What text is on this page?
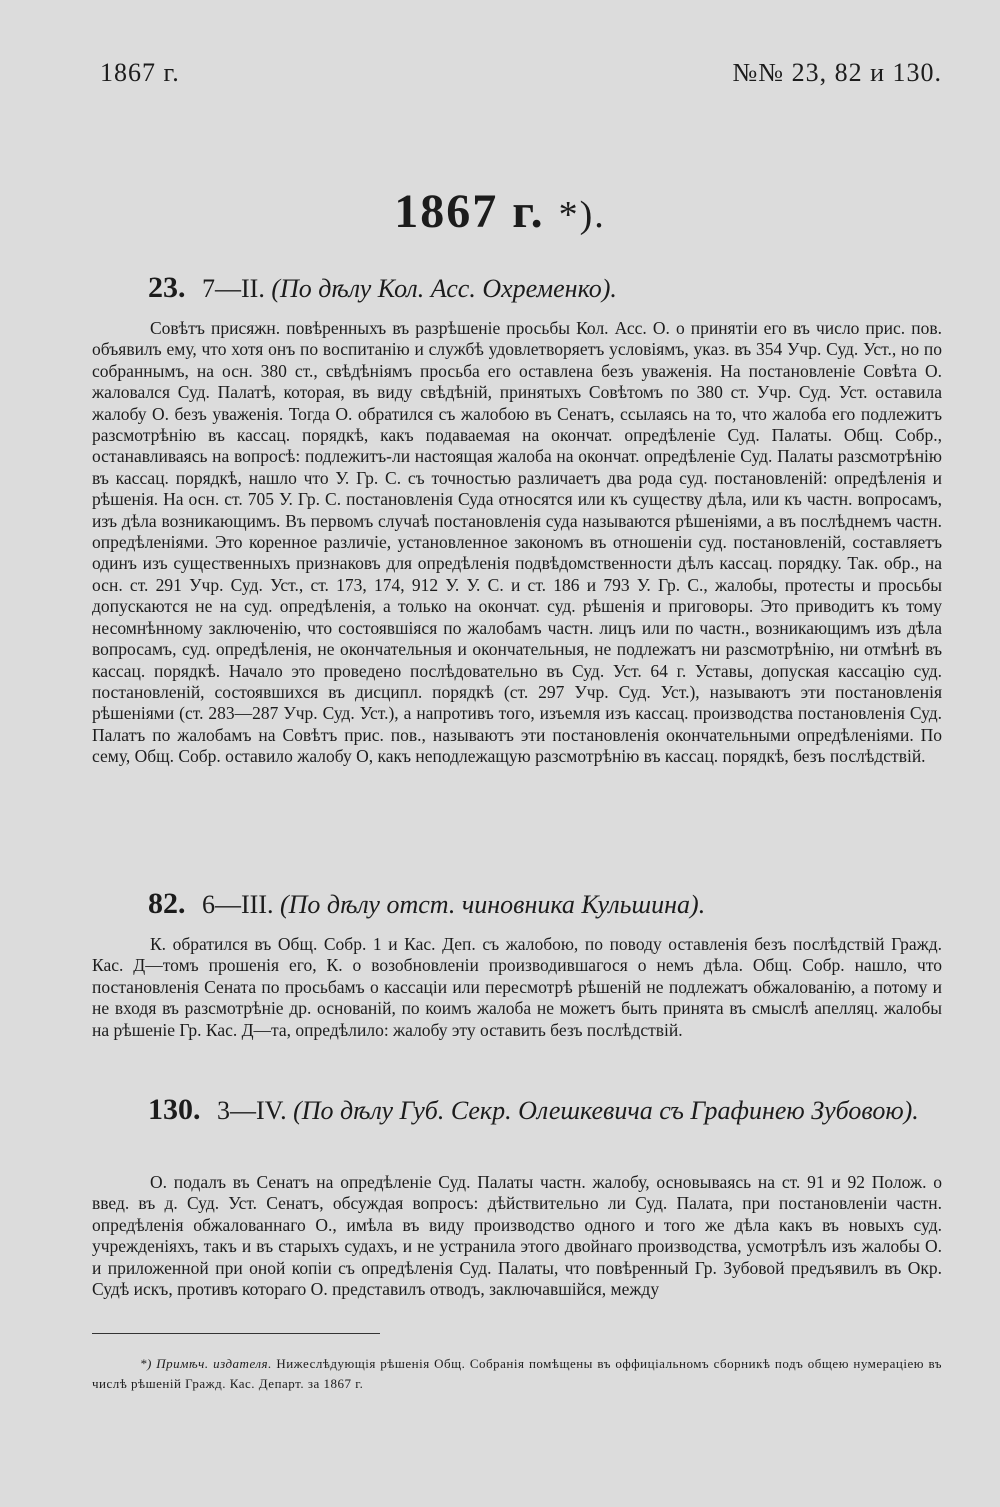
1867 г.	№№ 23, 82 и 130.
1867 г. *).
23. 7—II. (По дѣлу Кол. Асс. Охременко).
Совѣтъ присяжн. повѣренныхъ въ разрѣшеніе просьбы Кол. Асс. О. о принятіи его въ число прис. пов. объявилъ ему, что хотя онъ по воспитанію и службѣ удовлетворяетъ условіямъ, указ. въ 354 Учр. Суд. Уст., но по собраннымъ, на осн. 380 ст., свѣдѣніямъ просьба его оставлена безъ уваженія. На постановленіе Совѣта О. жаловался Суд. Палатѣ, которая, въ виду свѣдѣній, принятыхъ Совѣтомъ по 380 ст. Учр. Суд. Уст. оставила жалобу О. безъ уваженія. Тогда О. обратился съ жалобою въ Сенатъ, ссылаясь на то, что жалоба его подлежитъ разсмотрѣнію въ кассац. порядкѣ, какъ подаваемая на окончат. опредѣленіе Суд. Палаты. Общ. Собр., останавливаясь на вопросѣ: подлежитъ-ли настоящая жалоба на окончат. опредѣленіе Суд. Палаты разсмотрѣнію въ кассац. порядкѣ, нашло что У. Гр. С. съ точностью различаетъ два рода суд. постановленій: опредѣленія и рѣшенія. На осн. ст. 705 У. Гр. С. постановленія Суда относятся или къ существу дѣла, или къ частн. вопросамъ, изъ дѣла возникающимъ. Въ первомъ случаѣ постановленія суда называются рѣшеніями, а въ послѣднемъ частн. опредѣленіями. Это коренное различіе, установленное закономъ въ отношеніи суд. постановленій, составляетъ одинъ изъ существенныхъ признаковъ для опредѣленія подвѣдомственности дѣлъ кассац. порядку. Так. обр., на осн. ст. 291 Учр. Суд. Уст., ст. 173, 174, 912 У. У. С. и ст. 186 и 793 У. Гр. С., жалобы, протесты и просьбы допускаются не на суд. опредѣленія, а только на окончат. суд. рѣшенія и приговоры. Это приводитъ къ тому несомнѣнному заключенію, что состоявшіяся по жалобамъ частн. лицъ или по частн., возникающимъ изъ дѣла вопросамъ, суд. опредѣленія, не окончательныя и окончательныя, не подлежатъ ни разсмотрѣнію, ни отмѣнѣ въ кассац. порядкѣ. Начало это проведено послѣдовательно въ Суд. Уст. 64 г. Уставы, допуская кассацію суд. постановленій, состоявшихся въ дисципл. порядкѣ (ст. 297 Учр. Суд. Уст.), называютъ эти постановленія рѣшеніями (ст. 283—287 Учр. Суд. Уст.), а напротивъ того, изъемля изъ кассац. производства постановленія Суд. Палатъ по жалобамъ на Совѣтъ прис. пов., называютъ эти постановленія окончательными опредѣленіями. По сему, Общ. Собр. оставило жалобу О, какъ неподлежащую разсмотрѣнію въ кассац. порядкѣ, безъ послѣдствій.
82. 6—III. (По дѣлу отст. чиновника Кульшина).
К. обратился въ Общ. Собр. 1 и Кас. Деп. съ жалобою, по поводу оставленія безъ послѣдствій Гражд. Кас. Д—томъ прошенія его, К. о возобновленіи производившагося о немъ дѣла. Общ. Собр. нашло, что постановленія Сената по просьбамъ о кассаціи или пересмотрѣ рѣшеній не подлежатъ обжалованію, а потому и не входя въ разсмотрѣніе др. основаній, по коимъ жалоба не можетъ быть принята въ смыслѣ апелляц. жалобы на рѣшеніе Гр. Кас. Д—та, опредѣлило: жалобу эту оставить безъ послѣдствій.
130. 3—IV. (По дѣлу Губ. Секр. Олешкевича съ Графинею Зубовою).
О. подалъ въ Сенатъ на опредѣленіе Суд. Палаты частн. жалобу, основываясь на ст. 91 и 92 Полож. о введ. въ д. Суд. Уст. Сенатъ, обсуждая вопросъ: дѣйствительно ли Суд. Палата, при постановленіи частн. опредѣленія обжалованнаго О., имѣла въ виду производство одного и того же дѣла какъ въ новыхъ суд. учрежденіяхъ, такъ и въ старыхъ судахъ, и не устранила этого двойнаго производства, усмотрѣлъ изъ жалобы О. и приложенной при оной копіи съ опредѣленія Суд. Палаты, что повѣренный Гр. Зубовой предъявилъ въ Окр. Судѣ искъ, противъ котораго О. представилъ отводъ, заключавшійся, между
*) Примѣч. издателя. Нижеслѣдующія рѣшенія Общ. Собранія помѣщены въ оффиціальномъ сборникѣ подъ общею нумераціею въ числѣ рѣшеній Гражд. Кас. Департ. за 1867 г.
